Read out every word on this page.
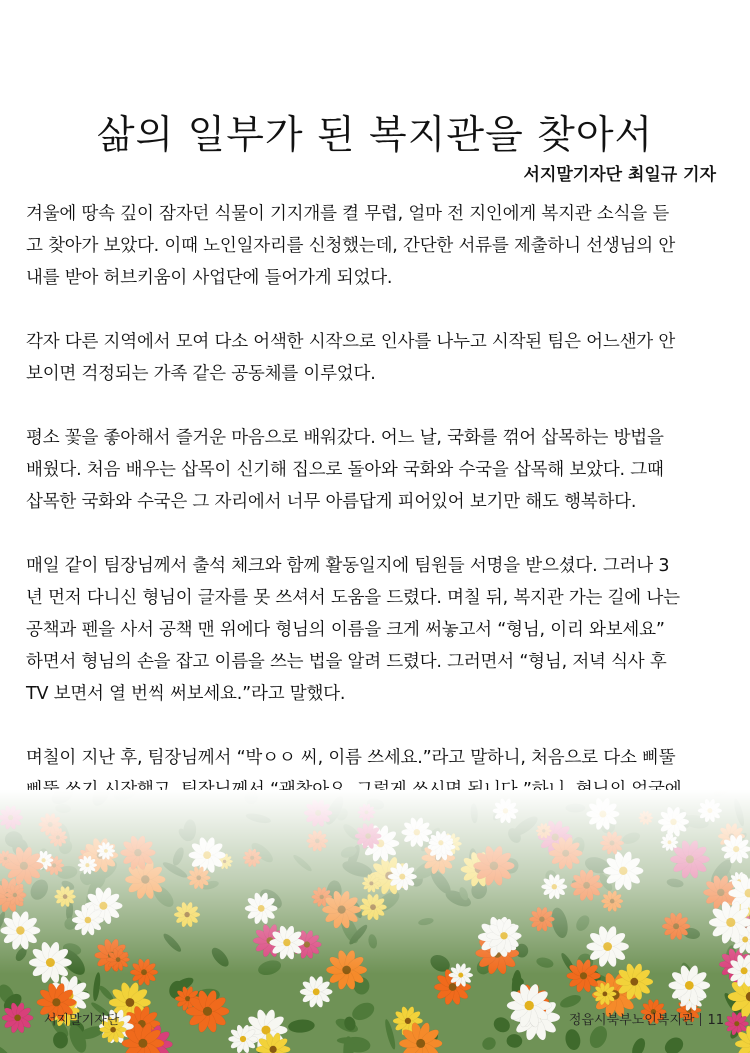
삶의 일부가 된 복지관을 찾아서
서지말기자단 최일규 기자
겨울에 땅속 깊이 잠자던 식물이 기지개를 켤 무렵, 얼마 전 지인에게 복지관 소식을 듣
고 찾아가 보았다. 이때 노인일자리를 신청했는데, 간단한 서류를 제출하니 선생님의 안
내를 받아 허브키움이 사업단에 들어가게 되었다.
각자 다른 지역에서 모여 다소 어색한 시작으로 인사를 나누고 시작된 팀은 어느샌가 안
보이면 걱정되는 가족 같은 공동체를 이루었다.
평소 꽃을 좋아해서 즐거운 마음으로 배워갔다. 어느 날, 국화를 꺾어 삽목하는 방법을
배웠다. 처음 배우는 삽목이 신기해 집으로 돌아와 국화와 수국을 삽목해 보았다. 그때
삽목한 국화와 수국은 그 자리에서 너무 아름답게 피어있어 보기만 해도 행복하다.
매일 같이 팀장님께서 출석 체크와 함께 활동일지에 팀원들 서명을 받으셨다. 그러나 3
년 먼저 다니신 형님이 글자를 못 쓰셔서 도움을 드렸다. 며칠 뒤, 복지관 가는 길에 나는
공책과 펜을 사서 공책 맨 위에다 형님의 이름을 크게 써놓고서 “형님, 이리 와보세요”
하면서 형님의 손을 잡고 이름을 쓰는 법을 알려 드렸다. 그러면서 “형님, 저녁 식사 후
TV 보면서 열 번씩 써보세요.”라고 말했다.
며칠이 지난 후, 팀장님께서 “박ㅇㅇ 씨, 이름 쓰세요.”라고 말하니, 처음으로 다소 삐뚤
서지말기자단	정읍시북부노인복지관 11
